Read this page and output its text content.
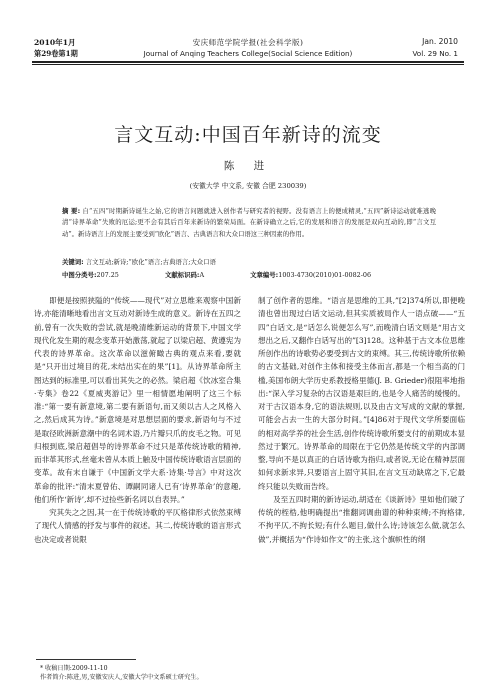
2010年1月
第29卷第1期
安庆师范学院学报(社会科学版)
Journal of Anqing Teachers College(Social Science Edition)
Jan. 2010
Vol. 29 No. 1
言文互动:中国百年新诗的流变
陈 进
(安徽大学 中文系, 安徽 合肥 230039)
摘 要: 自“五四”时期新诗诞生之始,它的语言问题就进入创作者与研究者的视野。没有语言上的便成精灵,“五四”新诗运动就难逃晚清“诗界革命”失败的厄运;更不会有其后百年来新诗的繁荣局面。在新诗确立之后,它的发展和语言的发展是双向互动的,即“言文互动”。新诗语言上的发展主要受到“欧化”语言、古典语言和大众口语这三种因素的作用。
关键词: 言文互动;新诗;“欧化”语言;古典语言;大众口语
中图分类号:207.25	文献标识码:A	文章编号:1003-4730(2010)01-0082-06

即便是按照狭隘的“传统——现代”对立思维来观察中国新诗,亦能清晰地看出言文互动对新诗生成的意义。新诗在五四之前,曾有一次失败的尝试,就是晚清维新运动的背景下,中国文学现代化发生期的观念变革开始激荡,就起了以梁启超、黄遵宪为代表的诗界革命。这次革命以滋俯瞰古典的观点来看,要就是“只开出过境目的花,未结出实在的果”[1]。从诗界革命所主图达到的标准里,可以看出其失之的必然。梁启超《饮冰室合集·专集》卷22《夏威夷游记》里一相情愿地阐明了这三个标准:“第一要有新意境,第二要有新语句,而又须以古人之风格入之,然后成其为诗。”新意境是对思想层面的要求,新语句与不过是取径欧洲新意潮中的名词术语,乃片瓣只爪的皮毛之物。可见归根到底,梁启超倡导的诗界革命不过只是革传统诗歌的精神,而非革其形式,丝毫未曾从本质上触及中国传统诗歌语言层面的变革。故有末自谦于《中国新文学大系·诗集·导言》中对这次革命的批评:“清末夏曾佑、谭嗣同诸人已有‘诗界革命’的意趣,他们所作‘新诗’,却不过捡些新名词以自表异。”

究其失之之因,其一在于传统诗歌的平仄格律形式依然束缚了现代人情感的抒发与事件的叙述。其二,传统诗歌的语言形式也决定或者说限

制了创作者的思维。“语言是思维的工具,”[2]374所以,即便晚清也曾出现过白话文运动,但其实质被局作人一语点破——“五四”白话文,是“话怎么说便怎么写”,而晚清白话文则是“用古文想出之后,又翻作白话写出的”[3]128。这种基于古文本位思维所创作出的诗歌势必要受到古文的束缚。其三,传统诗歌所依赖的古文基础,对创作主体和接受主体而言,都是一个相当高的门槛,美国布朗大学历史系教授格里德(J. B. Grieder)很阻率地指出:“深入学习复杂的古汉语是艰巨的,也是令人痛苦的缓慢的。对于古汉语本身,它的语法规则,以及由古文写成的文献的掌握,可能会占去一生的大部分时间。”[4]86对于现代文学所要面临的相对高学养的社会生活,创作传统诗歌所要支付的前期成本显然过于繁冗。诗界革命的局限在于它仍然是传统文学的内部调整,导向不是以真正的白话诗歌为指归,或者说,无论在精神层面如何求新求异,只要语言上固守其旧,在言文互动缺席之下,它最终只能以失败而告终。

及至五四时期的新诗运动,胡适在《谈新诗》里如他们破了传统的桎梏,他明确提出“推翻词调曲谱的种种束缚;不拘格律,不拘平仄,不拘长短;有什么题目,做什么诗;诗该怎么做,就怎么做”,并概括为“作诗如作文”的主张,这个旗帜性的纲

* 收稿日期:2009-11-10
作者简介:陈进,男,安徽安庆人,安徽大学中文系硕士研究生。
